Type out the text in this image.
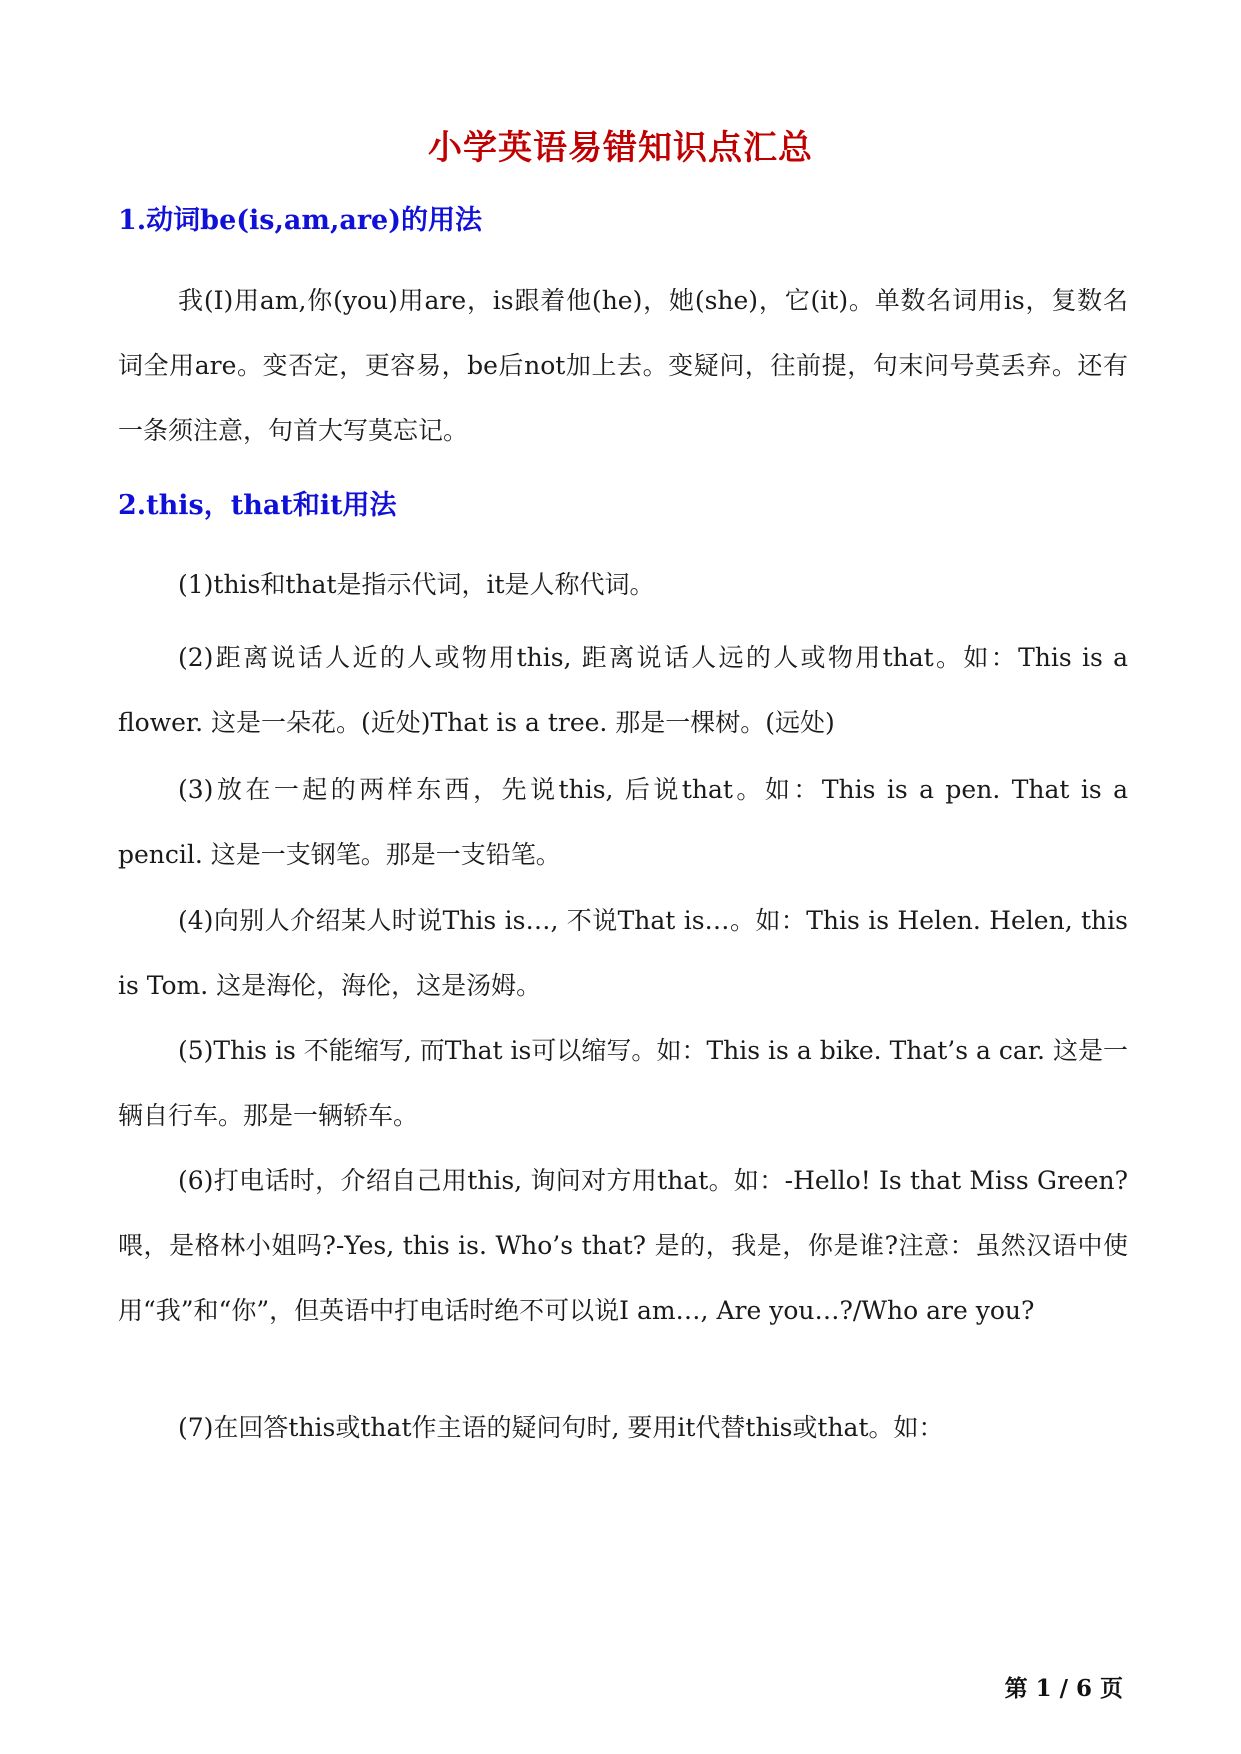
小学英语易错知识点汇总
1.动词be(is,am,are)的用法

我(I)用am,你(you)用are，is跟着他(he)，她(she)，它(it)。单数名词用is，复数名词全用are。变否定，更容易，be后not加上去。变疑问，往前提，句末问号莫丢弃。还有一条须注意，句首大写莫忘记。

2.this，that和it用法

(1)this和that是指示代词，it是人称代词。

(2)距离说话人近的人或物用this, 距离说话人远的人或物用that。如：This is a flower. 这是一朵花。(近处)That is a tree. 那是一棵树。(远处)

(3)放在一起的两样东西，先说this, 后说that。如：This is a pen. That is a pencil. 这是一支钢笔。那是一支铅笔。

(4)向别人介绍某人时说This is…, 不说That is…。如：This is Helen. Helen, this is Tom. 这是海伦，海伦，这是汤姆。

(5)This is 不能缩写, 而That is可以缩写。如：This is a bike. That’s a car. 这是一辆自行车。那是一辆轿车。

(6)打电话时，介绍自己用this, 询问对方用that。如：-Hello! Is that Miss Green? 喂，是格林小姐吗?-Yes, this is. Who’s that? 是的，我是，你是谁?注意：虽然汉语中使用“我”和“你”，但英语中打电话时绝不可以说I am…, Are you…?/Who are you?

(7)在回答this或that作主语的疑问句时, 要用it代替this或that。如：

第 1 / 6 页
